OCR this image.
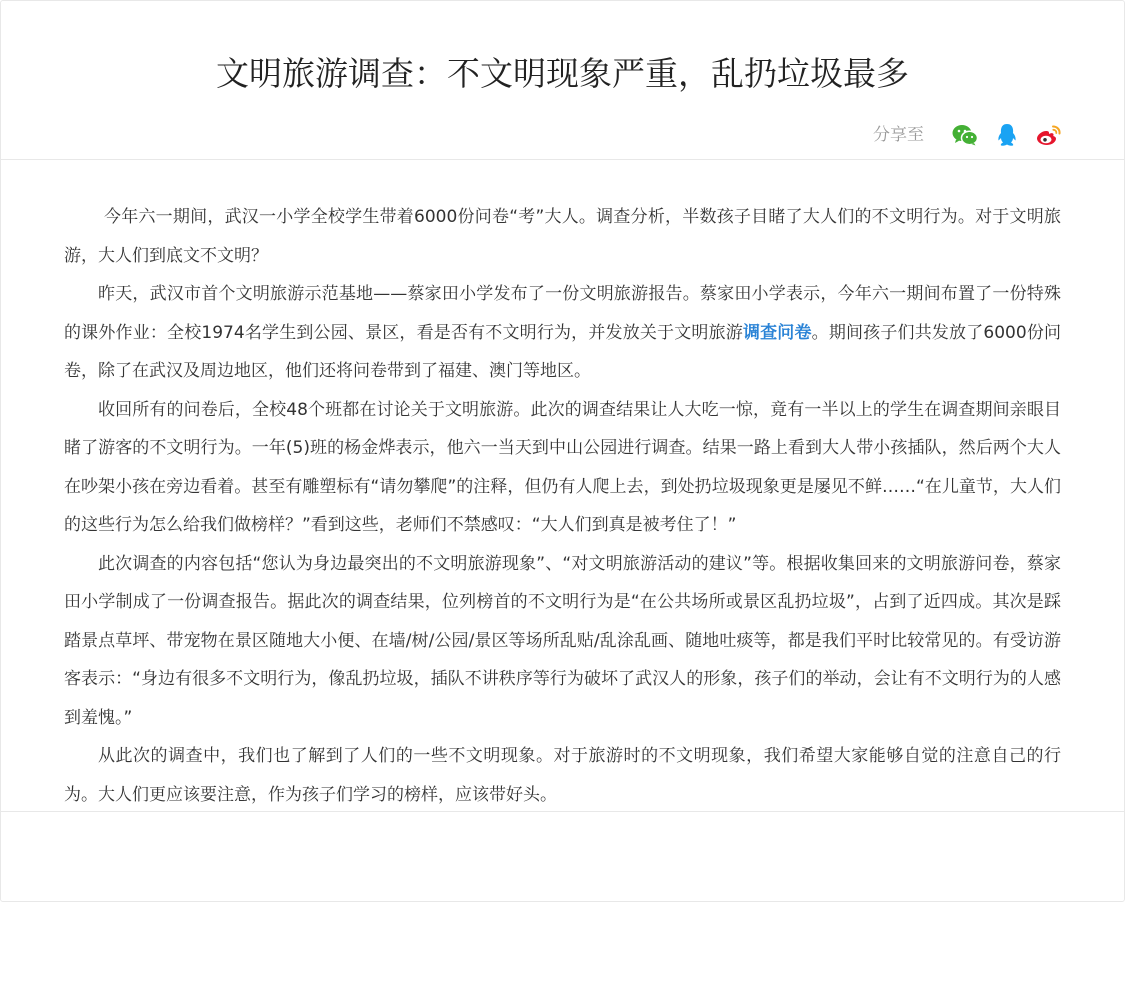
文明旅游调查：不文明现象严重，乱扔垃圾最多
分享至

今年六一期间，武汉一小学全校学生带着6000份问卷“考”大人。调查分析，半数孩子目睹了大人们的不文明行为。对于文明旅游，大人们到底文不文明？

昨天，武汉市首个文明旅游示范基地——蔡家田小学发布了一份文明旅游报告。蔡家田小学表示，今年六一期间布置了一份特殊的课外作业：全校1974名学生到公园、景区，看是否有不文明行为，并发放关于文明旅游调查问卷。期间孩子们共发放了6000份问卷，除了在武汉及周边地区，他们还将问卷带到了福建、澳门等地区。

收回所有的问卷后，全校48个班都在讨论关于文明旅游。此次的调查结果让人大吃一惊，竟有一半以上的学生在调查期间亲眼目睹了游客的不文明行为。一年(5)班的杨金烨表示，他六一当天到中山公园进行调查。结果一路上看到大人带小孩插队，然后两个大人在吵架小孩在旁边看着。甚至有雕塑标有“请勿攀爬”的注释，但仍有人爬上去，到处扔垃圾现象更是屡见不鲜……“在儿童节，大人们的这些行为怎么给我们做榜样？”看到这些，老师们不禁感叹：“大人们到真是被考住了！”

此次调查的内容包括“您认为身边最突出的不文明旅游现象”、“对文明旅游活动的建议”等。根据收集回来的文明旅游问卷，蔡家田小学制成了一份调查报告。据此次的调查结果，位列榜首的不文明行为是“在公共场所或景区乱扔垃圾”，占到了近四成。其次是踩踏景点草坪、带宠物在景区随地大小便、在墙/树/公园/景区等场所乱贴/乱涂乱画、随地吐痰等，都是我们平时比较常见的。有受访游客表示：“身边有很多不文明行为，像乱扔垃圾，插队不讲秩序等行为破坏了武汉人的形象，孩子们的举动，会让有不文明行为的人感到羞愧。”

从此次的调查中，我们也了解到了人们的一些不文明现象。对于旅游时的不文明现象，我们希望大家能够自觉的注意自己的行为。大人们更应该要注意，作为孩子们学习的榜样，应该带好头。
